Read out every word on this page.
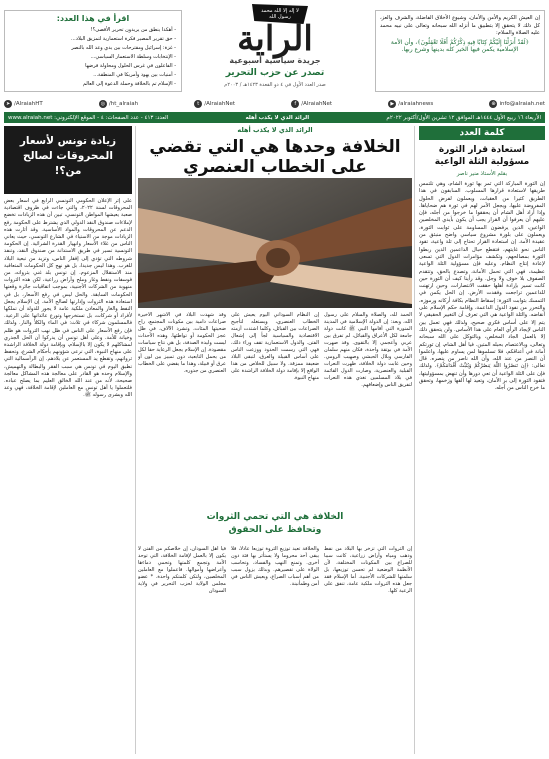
إن العيش الكريم والأمن والأمان، وشيوع الأخلاق الفاضلة، والشرف والعز، كل ذلك لا يتحقق إلا بتطبيق ما أنزله الله سبحانه وتعالى على نبيه محمد عليه الصلاة والسلام:
﴿لَقَدْ أَنزَلْنَا إِلَيْكُمْ كِتَابًا فِيهِ ذِكْرُكُمْ أَفَلَا تَعْقِلُونَ﴾، وأن الأمة الإسلامية يكمن فيها الخير كله بدينها وشرع ربها.
لا إله إلا الله محمد رسول الله
الراية
جريدة سياسية أسبوعية
تصدر عن حزب التحرير
صدر العدد الأول في ٤ ذو القعدة ١٤٢٣هـ / ٢٠٠٣م
اقرأ في هذا العدد:
- أهكذا ينطق من يريدون تحرير الأقصى؟!
- حق تقرير المصير فكرة استعمارية لتمزيق البلاد...
- غزة: إسرائيل ومقترحات بين يدي وعد الله بالنصر
- الإنتخابات وسلطة الاستعمار السياسي...
- الفاعلون في غرس الحلول ومحاولة فرضها
- أمنيات بين يهود وأمريكا في المنطقة...
- الإسلام تم بالخلافة وحملة الدعوة إلى العالم
⊕ info@alraiah.net
▶ /alraiahnews
f /AlraiahNet
t /AlraiahNet
◎ /ht_alraiah
➤ /AlraiahHT
الأربعاء ١٦ ربيع الأول ١٤٤٤هـ الموافق ١٢ تشرين الأول/أكتوبر ٢٠٢٢م
الرائد الذي لا يكذب أهله
العدد: ٤١٣ - عدد الصفحات: ٤ - الموقع الإلكتروني: www.alraiah.net
كلمة العدد
استعادة قرار الثورة مسؤولية الثلة الواعية
بقلم الأستاذ منير ناصر
إن الثورة المباركة التي ثمر بها ثورة الشام، وهي تلتمس طريقها لاستعادة قرارها المسلوب. السابقون في هذا الطريق كثيرا من العقبات، ويعملون لفرض الحلول المفروضة عليها، ويجعل الأمر لهم في ثورة هم ضحاياها. وإذا أراد أهل الشام أن يحققوا ما خرجوا من أجله، فإن عليهم أن يعرفوا أن القرار يجب أن يكون بأيدي المخلصين الواعين، الذين يرفضون المساومة على ثوابت الثورة، ويعملون على بلورة مشروع سياسي واضح منبثق من عقيدة الأمة. إن استعادة القرار تحتاج إلى ثلة واعية، تقود الناس نحو غايتهم، فتقطع حبال الداعمين الذين ربطوا الثورة بمصالحهم، وتكشف مؤامرات الدول التي تسعى لإعادة إنتاج النظام. وعليه فإن مسؤولية الثلة الواعية عظيمة، فهي التي تحمل الأمانة، وتصدع بالحق، وتتقدم الصفوف بلا خوف ولا وجل. وقد رأينا كيف أن الثورة حين كانت تسير بإرادة أهلها حققت الانتصارات، وحين ارتهنت للداعمين تراجعت وفقدت الأرض. إن الحل يكمن في التمسك بثوابت الثورة: إسقاط النظام بكافة أركانه ورموزه، والتحرر من نفوذ الدول الداعمة، وإقامة حكم الإسلام على أنقاضه. والثلة الواعية هي التي تعرف أن التغيير الحقيقي لا يتم إلا على أساس فكري صحيح، ولذلك فهي تعمل بين الناس لإيجاد الرأي العام على هذا الأساس. ولن يتحقق ذلك إلا بالعمل الجاد المخلص، وبالتوكل على الله سبحانه وتعالى، وبالاعتصام بحبله المتين. فيا أهل الشام، إن ثورتكم أمانة في أعناقكم، فلا تسلموها لمن يساوم عليها، واعلموا أن النصر من عند الله، وأن الله ناصر من ينصره. قال تعالى: ﴿إِن تَنصُرُوا اللَّهَ يَنصُرْكُمْ وَيُثَبِّتْ أَقْدَامَكُمْ﴾. ولذلك فإن على الثلة الواعية أن تعي دورها وأن تنهض بمسؤوليتها، فتقود الثورة إلى بر الأمان، وتعيد لها ألقها وزخمها، وتحقق ما خرج الناس من أجله.
الرائد الذي لا يكذب أهله
الخلافة وحدها هي التي تقضي على الخطاب العنصري
الحمد لله، والصلاة والسلام على رسول الله، وبعد: إن الدولة الإسلامية في المدينة المنورة التي أقامها النبي ﷺ كانت دولة جامعة لكل الأعراق والقبائل، لم تفرق بين عربي وأعجمي إلا بالتقوى. وقد صهرت الأمة في بوتقة واحدة، فكان منهم سلمان الفارسي وبلال الحبشي وصهيب الرومي. وحين غابت دولة الخلافة، ظهرت النعرات القبلية والعنصرية، وصارت الدول القائمة في بلاد المسلمين تغذي هذه النعرات لتفريق الناس وإضعافهم.
إن النظام السوداني اليوم يعيش على الخطاب العنصري، ويستغله لتأجيج الصراعات بين القبائل، وكلما اشتدت أزمته الاقتصادية والسياسية لجأ إلى إشعال الفتن. والدول الاستعمارية تقف وراء ذلك، فهي التي رسمت الحدود ووزعت الناس على أساس القبيلة والعرق، لتبقى البلاد ضعيفة ممزقة. ولا سبيل للخلاص من هذا الواقع إلا بإقامة دولة الخلافة الراشدة على منهاج النبوة.
وقد شهدت البلاد في الأشهر الأخيرة صراعات دامية بين مكونات المجتمع، راح ضحيتها المئات، وتشرد الآلاف، في ظل عجز الحكومة أو تواطئها. وهذه الأحداث ليست وليدة الصدفة، بل هي نتاج سياسات مقصودة. إن الإسلام يجعل الرعاية حقا لكل من يحمل التابعية، دون تمييز بين لون أو عرق أو قبيلة، وهذا ما يقضي على الخطاب العنصري من جذوره.
الخلافة هي التي تحمي الثروات
وتحافظ على الحقوق
إن الثروات التي تزخر بها البلاد من نفط وذهب ومياه وأراض زراعية، كانت سببا للصراع بين المكونات المختلفة، لأن الأنظمة الوضعية لم تحسن توزيعها، بل سلمتها للشركات الأجنبية. أما الإسلام فقد جعل هذه الثروات ملكية عامة، تنفق على الرعية كلها.
والخلافة تعيد توزيع الثروة توزيعا عادلا، فلا يبقى أحد محروما ولا يستأثر بها فئة دون أخرى. وتمنع النهب والفساد، وتحاسب الولاة على تقصيرهم. وبذلك يزول سبب من أهم أسباب الصراع، ويعيش الناس في أمن وطمأنينة.
فيا أهل السودان، إن خلاصكم من الفتن لا يكون إلا بالعمل لإقامة الخلافة، التي توحد الأمة وتجمع كلمتها وتحمي دماءها وأعراضها وأموالها. فاعملوا مع العاملين المخلصين، ولتكن كلمتكم واحدة. * عضو مجلس الولاية لحزب التحرير في ولاية السودان
زيادة تونس لأسعار المحروقات لصالح من؟!
على إثر الإعلان الحكومي التونسي الرابع في أسعار بعض المحروقات لسنة ٢٠٢٢، والتي جاءت في ظروف اقتصادية صعبة يعيشها المواطن التونسي، تبين أن هذه الزيادات تخضع لإملاءات صندوق النقد الدولي الذي يشترط على الحكومة رفع الدعم عن المحروقات والمواد الأساسية. وقد أثارت هذه الزيادات موجة من الاستياء في الشارع التونسي، حيث يعاني الناس من غلاء الأسعار وانهيار القدرة الشرائية. إن الحكومة التونسية تسير في طريق الاستدانة من صندوق النقد، وتنفذ شروطه التي تؤدي إلى إفقار الناس، وتزيد من تبعية البلاد للغرب. وهذا ليس جديدا، بل هو نهج كل الحكومات المتعاقبة منذ الاستقلال المزعوم. إن تونس بلد غني بثرواته، من فوسفات ونفط وغاز وملح وأراض زراعية، لكن هذه الثروات منهوبة من الشركات الأجنبية، بموجب اتفاقيات جائرة وقعتها الحكومات السابقة. والحل ليس في رفع الأسعار، بل في استعادة هذه الثروات وإدارتها لصالح الأمة. إن الإسلام يجعل النفط والغاز والمعادن ملكية عامة لا يجوز للدولة أن تملكها لأفراد أو شركات، بل تستخرجها وتوزع عائداتها على الرعية. فالمسلمون شركاء في ثلاث: في الماء والكلأ والنار. ولذلك فإن رفع الأسعار على الناس في ظل نهب الثروات هو ظلم وخيانة للأمة. وعلى أهل تونس أن يدركوا أن الحل الجذري لمشاكلهم لا يكون إلا بالإسلام، وبإقامة دولة الخلافة الراشدة على منهاج النبوة، التي ترعى شؤونهم بأحكام الشرع، وتحفظ ثرواتهم، وتقطع يد المستعمر عن بلادهم. إن الرأسمالية التي تطبق اليوم في تونس هي سبب الفقر والبطالة والتهميش، والإسلام وحده هو القادر على معالجة هذه المشاكل معالجة صحيحة، لأنه من عند الله الخالق العليم بما يصلح عباده. فلتعملوا يا أهل تونس مع العاملين لإقامة الخلافة، فهي وعد الله وبشرى رسوله ﷺ.
